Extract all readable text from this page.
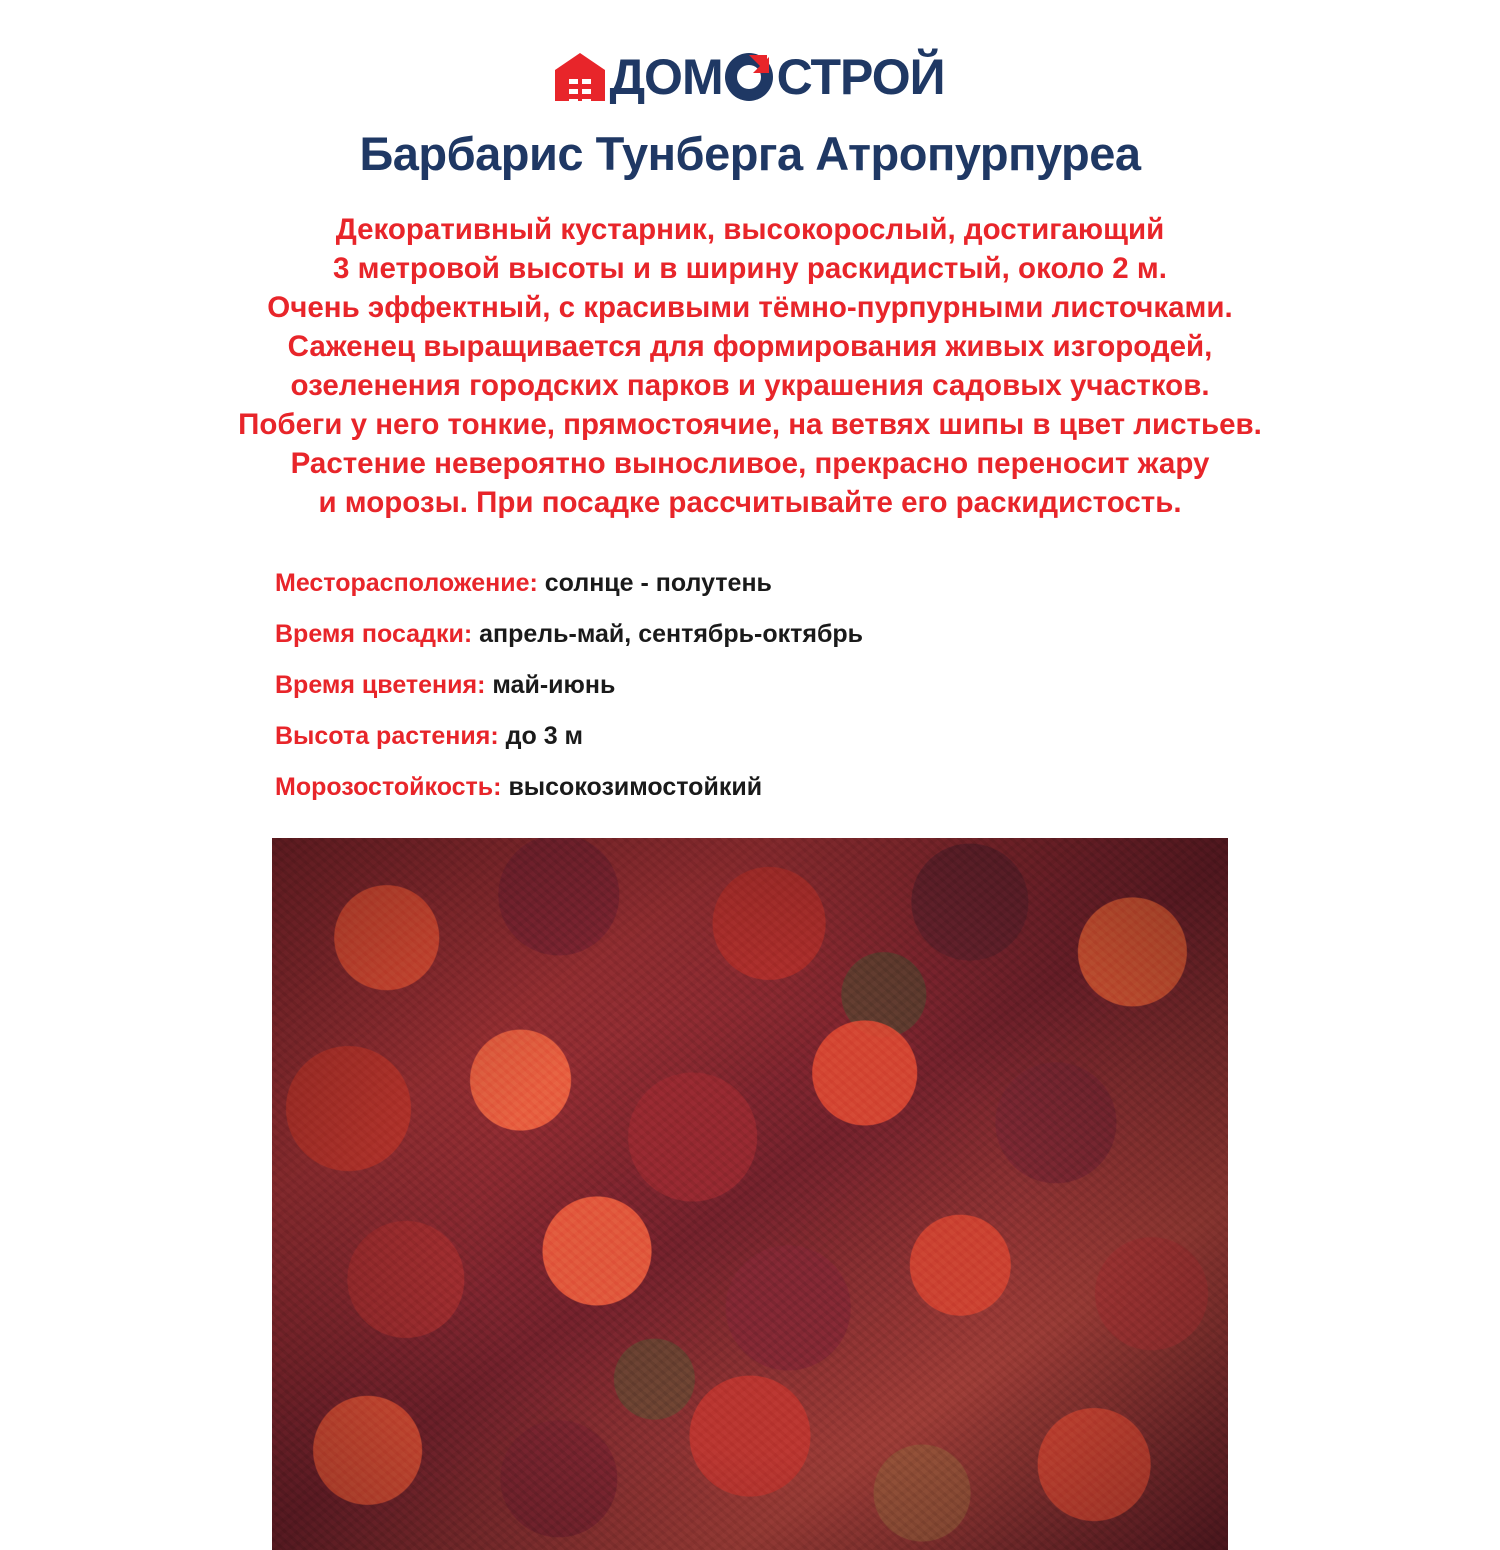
ДОМ СТРОЙ
Барбарис Тунберга Атропурпуреа
Декоративный кустарник, высокорослый, достигающий
3 метровой высоты и в ширину раскидистый, около 2 м.
Очень эффектный, с красивыми тёмно-пурпурными листочками.
Саженец выращивается для формирования живых изгородей,
озеленения городских парков и украшения садовых участков.
Побеги у него тонкие, прямостоячие, на ветвях шипы в цвет листьев.
Растение невероятно выносливое, прекрасно переносит жару
и морозы. При посадке рассчитывайте его раскидистость.
Месторасположение: солнце - полутень
Время посадки: апрель-май, сентябрь-октябрь
Время цветения: май-июнь
Высота растения: до 3 м
Морозостойкость: высокозимостойкий
